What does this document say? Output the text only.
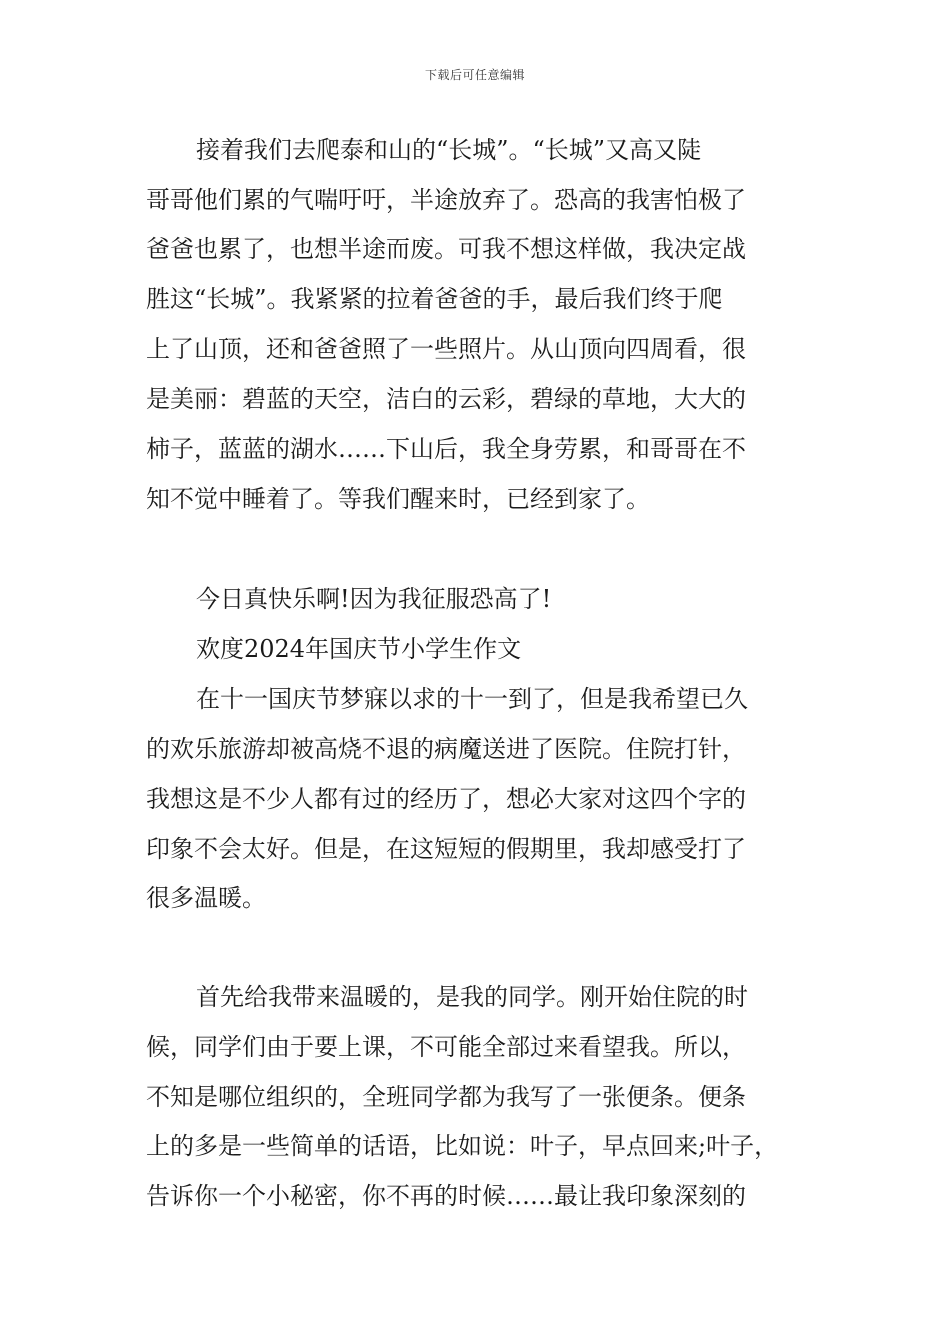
下载后可任意编辑
接着我们去爬泰和山的“长城”。“长城”又高又陡
哥哥他们累的气喘吁吁，半途放弃了。恐高的我害怕极了
爸爸也累了，也想半途而废。可我不想这样做，我决定战
胜这“长城”。我紧紧的拉着爸爸的手，最后我们终于爬
上了山顶，还和爸爸照了一些照片。从山顶向四周看，很
是美丽：碧蓝的天空，洁白的云彩，碧绿的草地，大大的
柿子，蓝蓝的湖水……下山后，我全身劳累，和哥哥在不
知不觉中睡着了。等我们醒来时，已经到家了。
今日真快乐啊!因为我征服恐高了!
欢度2024年国庆节小学生作文
在十一国庆节梦寐以求的十一到了，但是我希望已久
的欢乐旅游却被高烧不退的病魔送进了医院。住院打针，
我想这是不少人都有过的经历了，想必大家对这四个字的
印象不会太好。但是，在这短短的假期里，我却感受打了
很多温暖。
首先给我带来温暖的，是我的同学。刚开始住院的时
候，同学们由于要上课，不可能全部过来看望我。所以，
不知是哪位组织的，全班同学都为我写了一张便条。便条
上的多是一些简单的话语，比如说：叶子，早点回来;叶子，
告诉你一个小秘密，你不再的时候……最让我印象深刻的
